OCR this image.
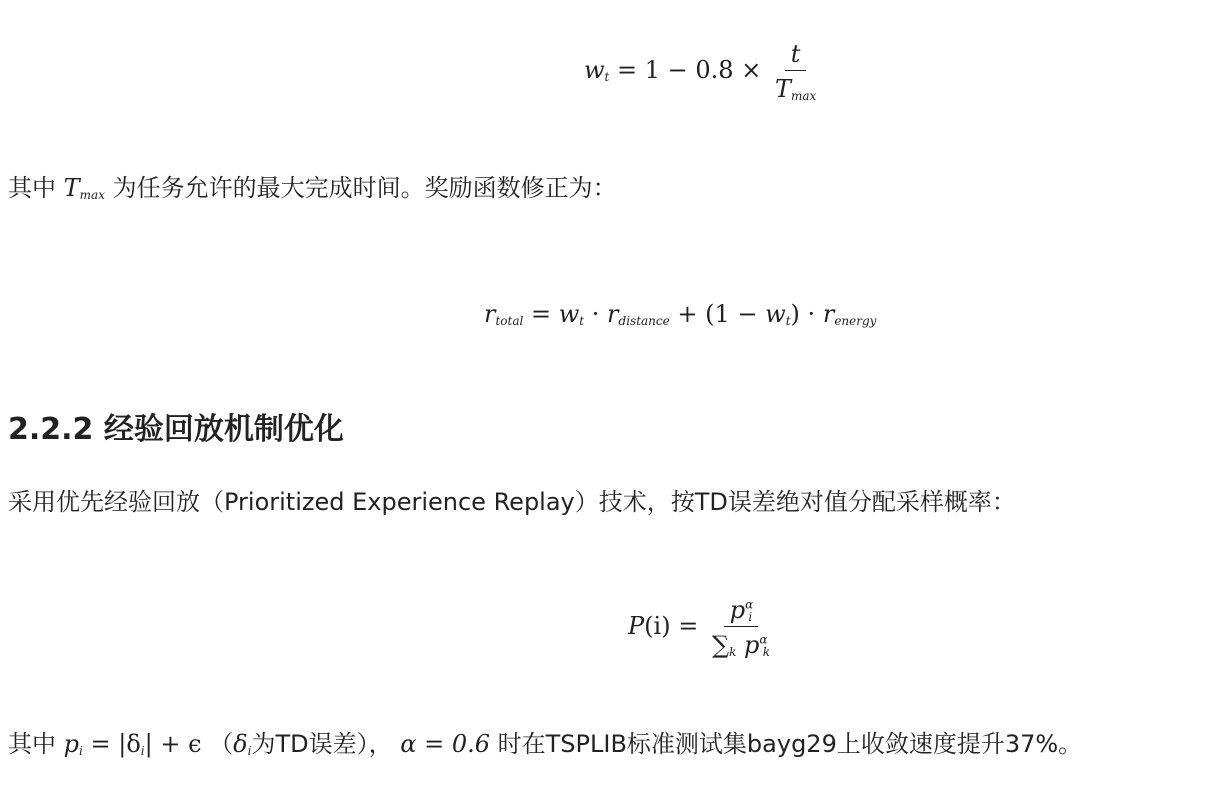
$w_t = 1 - 0.8 \times \frac{t}{T_{max}}$
其中 $T_{max}$ 为任务允许的最大完成时间。奖励函数修正为：
$r_{total} = w_t \cdot r_{distance} + (1 - w_t) \cdot r_{energy}$
2.2.2 经验回放机制优化
采用优先经验回放（Prioritized Experience Replay）技术，按TD误差绝对值分配采样概率：
$P(i) = \frac{p^\alpha_i}{\sum_k p^\alpha_k}$
其中 $p_i = |\delta_i| + \epsilon$ （$\delta_i$为TD误差）， α = 0.6 时在TSPLIB标准测试集bayg29上收敛速度提升37%。
